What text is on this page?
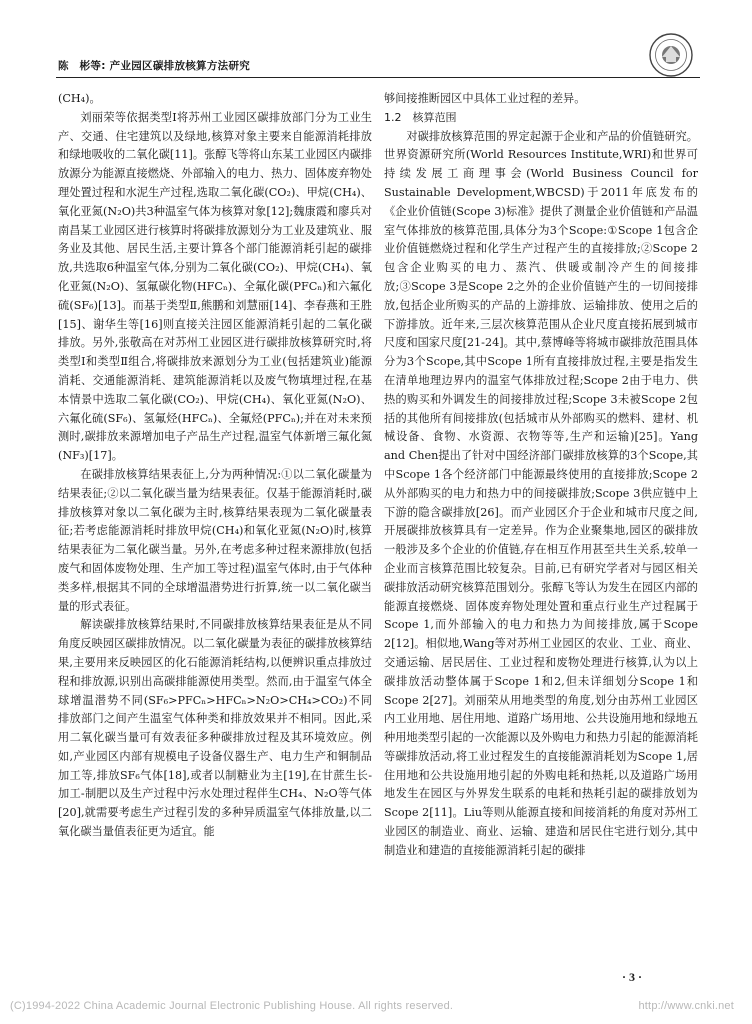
陈　彬等: 产业园区碳排放核算方法研究

(CH₄)。

刘丽荣等依据类型Ⅰ将苏州工业园区碳排放部门分为工业生产、交通、住宅建筑以及绿地,核算对象主要来自能源消耗排放和绿地吸收的二氧化碳[11]。张醇飞等将山东某工业园区内碳排放源分为能源直接燃烧、外部输入的电力、热力、固体废弃物处理处置过程和水泥生产过程,选取二氧化碳(CO₂)、甲烷(CH₄)、氧化亚氮(N₂O)共3种温室气体为核算对象[12];魏康霞和廖兵对南昌某工业园区进行核算时将碳排放源划分为工业及建筑业、服务业及其他、居民生活,主要计算各个部门能源消耗引起的碳排放,共选取6种温室气体,分别为二氧化碳(CO₂)、甲烷(CH₄)、氧化亚氮(N₂O)、氢氟碳化物(HFCₙ)、全氟化碳(PFCₙ)和六氟化硫(SF₆)[13]。而基于类型Ⅱ,熊鹏和刘慧丽[14]、李春燕和王胜[15]、谢华生等[16]则直接关注园区能源消耗引起的二氧化碳排放。另外,张敬高在对苏州工业园区进行碳排放核算研究时,将类型Ⅰ和类型Ⅱ组合,将碳排放来源划分为工业(包括建筑业)能源消耗、交通能源消耗、建筑能源消耗以及废气物填埋过程,在基本情景中选取二氧化碳(CO₂)、甲烷(CH₄)、氧化亚氮(N₂O)、六氟化硫(SF₆)、氢氟烃(HFCₙ)、全氟烃(PFCₙ);并在对未来预测时,碳排放来源增加电子产品生产过程,温室气体新增三氟化氮(NF₃)[17]。

在碳排放核算结果表征上,分为两种情况:①以二氧化碳量为结果表征;②以二氧化碳当量为结果表征。仅基于能源消耗时,碳排放核算对象以二氧化碳为主时,核算结果表现为二氧化碳量表征;若考虑能源消耗时排放甲烷(CH₄)和氧化亚氮(N₂O)时,核算结果表征为二氧化碳当量。另外,在考虑多种过程来源排放(包括废气和固体废物处理、生产加工等过程)温室气体时,由于气体种类多样,根据其不同的全球增温潜势进行折算,统一以二氧化碳当量的形式表征。

解读碳排放核算结果时,不同碳排放核算结果表征是从不同角度反映园区碳排放情况。以二氧化碳量为表征的碳排放核算结果,主要用来反映园区的化石能源消耗结构,以便辨识重点排放过程和排放源,识别出高碳排能源使用类型。然而,由于温室气体全球增温潜势不同(SF₆>PFCₙ>HFCₙ>N₂O>CH₄>CO₂)不同排放部门之间产生温室气体种类和排放效果并不相同。因此,采用二氧化碳当量可有效表征多种碳排放过程及其环境效应。例如,产业园区内部有规模电子设备仪器生产、电力生产和铜制品加工等,排放SF₆气体[18],或者以制糖业为主[19],在甘蔗生长-加工-制肥以及生产过程中污水处理过程伴生CH₄、N₂O等气体[20],就需要考虑生产过程引发的多种异质温室气体排放量,以二氧化碳当量值表征更为适宜。能

够间接推断园区中具体工业过程的差异。

1.2　核算范围

对碳排放核算范围的界定起源于企业和产品的价值链研究。世界资源研究所(World Resources Institute,WRI)和世界可持续发展工商理事会(World Business Council for Sustainable Development,WBCSD)于2011年底发布的《企业价值链(Scope 3)标准》提供了测量企业价值链和产品温室气体排放的核算范围,具体分为3个Scope:①Scope 1包含企业价值链燃烧过程和化学生产过程产生的直接排放;②Scope 2包含企业购买的电力、蒸汽、供暖或制冷产生的间接排放;③Scope 3是Scope 2之外的企业价值链产生的一切间接排放,包括企业所购买的产品的上游排放、运输排放、使用之后的下游排放。近年来,三层次核算范围从企业尺度直接拓展到城市尺度和国家尺度[21-24]。其中,蔡博峰等将城市碳排放范围具体分为3个Scope,其中Scope 1所有直接排放过程,主要是指发生在清单地理边界内的温室气体排放过程;Scope 2由于电力、供热的购买和外调发生的间接排放过程;Scope 3未被Scope 2包括的其他所有间接排放(包括城市从外部购买的燃料、建材、机械设备、食物、水资源、衣物等等,生产和运输)[25]。Yang and Chen提出了针对中国经济部门碳排放核算的3个Scope,其中Scope 1各个经济部门中能源最终使用的直接排放;Scope 2从外部购买的电力和热力中的间接碳排放;Scope 3供应链中上下游的隐含碳排放[26]。而产业园区介于企业和城市尺度之间,开展碳排放核算具有一定差异。作为企业聚集地,园区的碳排放一般涉及多个企业的价值链,存在相互作用甚至共生关系,较单一企业而言核算范围比较复杂。目前,已有研究学者对与园区相关碳排放活动研究核算范围划分。张醇飞等认为发生在园区内部的能源直接燃烧、固体废弃物处理处置和重点行业生产过程属于Scope 1,而外部输入的电力和热力为间接排放,属于Scope 2[12]。相似地,Wang等对苏州工业园区的农业、工业、商业、交通运输、居民居住、工业过程和废物处理进行核算,认为以上碳排放活动整体属于Scope 1和2,但未详细划分Scope 1和Scope 2[27]。刘丽荣从用地类型的角度,划分由苏州工业园区内工业用地、居住用地、道路广场用地、公共设施用地和绿地五种用地类型引起的一次能源以及外购电力和热力引起的能源消耗等碳排放活动,将工业过程发生的直接能源消耗划为Scope 1,居住用地和公共设施用地引起的外购电耗和热耗,以及道路广场用地发生在园区与外界发生联系的电耗和热耗引起的碳排放划为Scope 2[11]。Liu等则从能源直接和间接消耗的角度对苏州工业园区的制造业、商业、运输、建造和居民住宅进行划分,其中制造业和建造的直接能源消耗引起的碳排

· 3 ·
(C)1994-2022 China Academic Journal Electronic Publishing House. All rights reserved.	http://www.cnki.net
